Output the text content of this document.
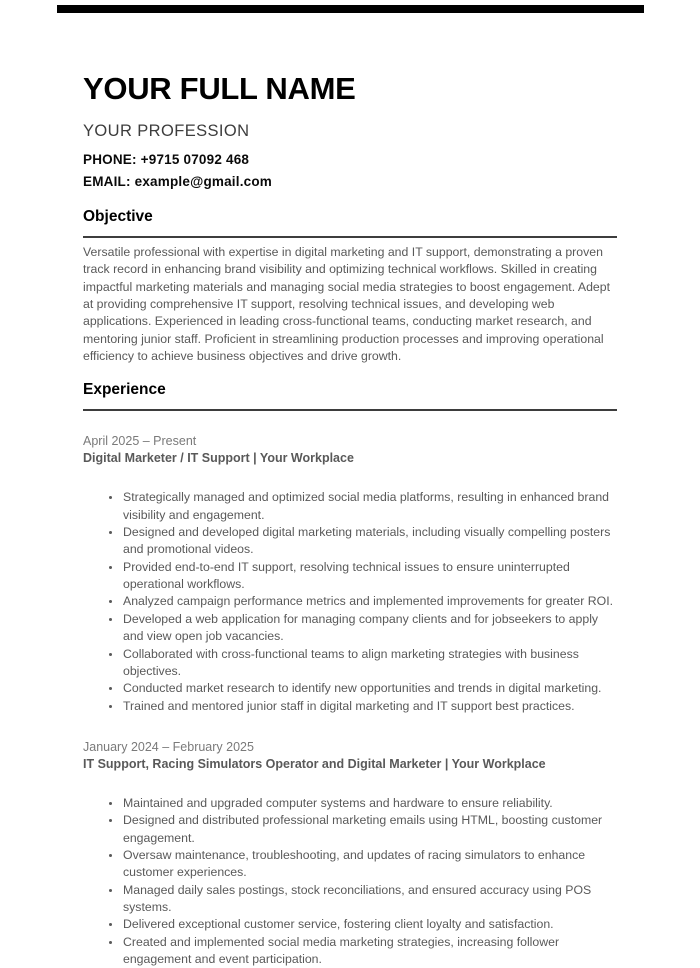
YOUR FULL NAME
YOUR PROFESSION
PHONE: +9715 07092 468
EMAIL: example@gmail.com
Objective

Versatile professional with expertise in digital marketing and IT support, demonstrating a proven track record in enhancing brand visibility and optimizing technical workflows. Skilled in creating impactful marketing materials and managing social media strategies to boost engagement. Adept at providing comprehensive IT support, resolving technical issues, and developing web applications. Experienced in leading cross-functional teams, conducting market research, and mentoring junior staff. Proficient in streamlining production processes and improving operational efficiency to achieve business objectives and drive growth.

Experience
April 2025 – Present
Digital Marketer / IT Support | Your Workplace
• Strategically managed and optimized social media platforms, resulting in enhanced brand visibility and engagement.
• Designed and developed digital marketing materials, including visually compelling posters and promotional videos.
• Provided end-to-end IT support, resolving technical issues to ensure uninterrupted operational workflows.
• Analyzed campaign performance metrics and implemented improvements for greater ROI.
• Developed a web application for managing company clients and for jobseekers to apply and view open job vacancies.
• Collaborated with cross-functional teams to align marketing strategies with business objectives.
• Conducted market research to identify new opportunities and trends in digital marketing.
• Trained and mentored junior staff in digital marketing and IT support best practices.
January 2024 – February 2025
IT Support, Racing Simulators Operator and Digital Marketer | Your Workplace
• Maintained and upgraded computer systems and hardware to ensure reliability.
• Designed and distributed professional marketing emails using HTML, boosting customer engagement.
• Oversaw maintenance, troubleshooting, and updates of racing simulators to enhance customer experiences.
• Managed daily sales postings, stock reconciliations, and ensured accuracy using POS systems.
• Delivered exceptional customer service, fostering client loyalty and satisfaction.
• Created and implemented social media marketing strategies, increasing follower engagement and event participation.
